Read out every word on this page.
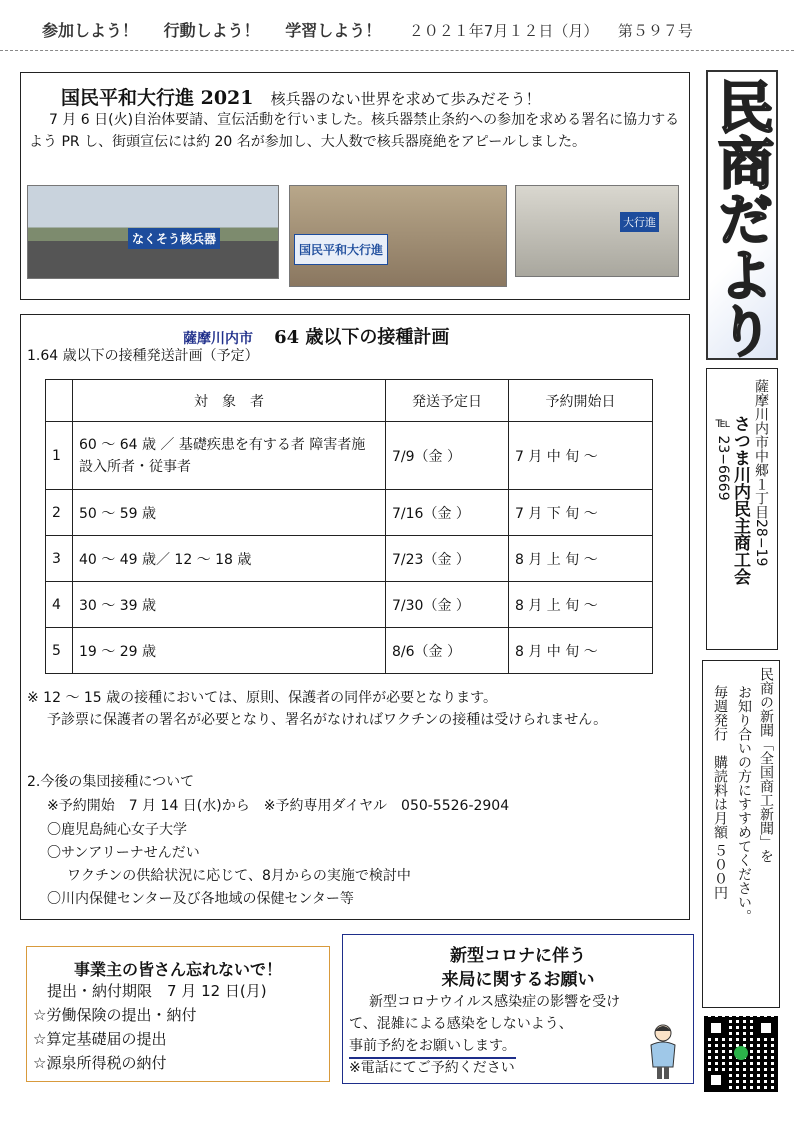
参加しよう！ 行動しよう！ 学習しよう！ ２０２１年7月１２日（月） 第５９７号
国民平和大行進 2021 核兵器のない世界を求めて歩みだそう！
7 月 6 日(火)自治体要請、宣伝活動を行いました。核兵器禁止条約への参加を求める署名に協力するよう PR し、街頭宣伝には約 20 名が参加し、大人数で核兵器廃絶をアピールしました。
なくそう核兵器
国民平和大行進
大行進 民商だより
薩摩川内市中郷１丁目28−19
さつま川内民主商工会
℡ 23−6669
民商の新聞「全国商工新聞」を
お知り合いの方にすすめてください。
毎週発行　購読料は月額 ５００円
薩摩川内市 64 歳以下の接種計画
1.64 歳以下の接種発送計画（予定）
	対　象　者	発送予定日	予約開始日
1	60 ～ 64 歳 ／ 基礎疾患を有する者 障害者施設入所者・従事者	7/9（金 ）	7 月 中 旬 ～
2	50 ～ 59 歳	7/16（金 ）	7 月 下 旬 ～
3	40 ～ 49 歳／ 12 ～ 18 歳	7/23（金 ）	8 月 上 旬 ～
4	30 ～ 39 歳	7/30（金 ）	8 月 上 旬 ～
5	19 ～ 29 歳	8/6（金 ）	8 月 中 旬 ～
※ 12 ～ 15 歳の接種においては、原則、保護者の同伴が必要となります。
予診票に保護者の署名が必要となり、署名がなければワクチンの接種は受けられません。
2.今後の集団接種について
※予約開始　7 月 14 日(水)から　※予約専用ダイヤル　050-5526-2904
〇鹿児島純心女子大学
〇サンアリーナせんだい
ワクチンの供給状況に応じて、8月からの実施で検討中
〇川内保健センター及び各地域の保健センター等
事業主の皆さん忘れないで！
提出・納付期限　7 月 12 日(月)
☆労働保険の提出・納付
☆算定基礎届の提出
☆源泉所得税の納付
新型コロナに伴う
来局に関するお願い
新型コロナウイルス感染症の影響を受けて、混雑による感染をしないよう、
事前予約をお願いします。
※電話にてご予約ください
